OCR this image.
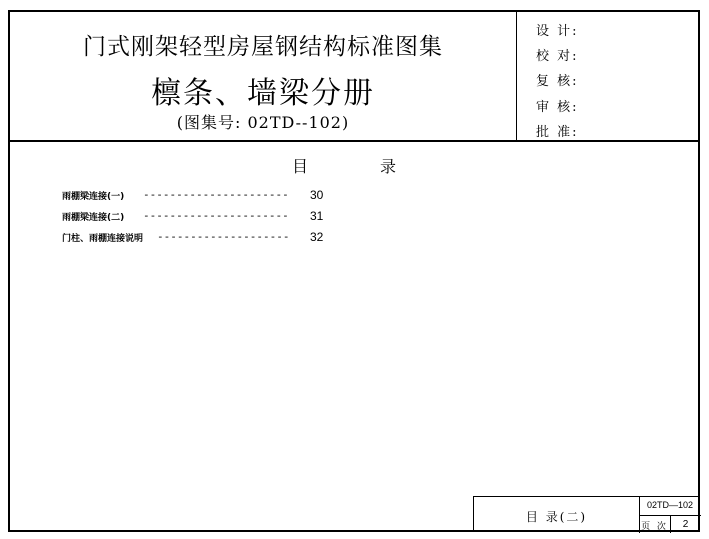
门式刚架轻型房屋钢结构标准图集
檩条、墙梁分册
(图集号: 02TD--102)
设 计:
校 对:
复 核:
审 核:
批 准:
目	录
雨棚梁连接(一) ---------------------- 30
雨棚梁连接(二) ---------------------- 31
门柱、雨棚连接说明 -------------------- 32
目 录(二)
02TD—102
页 次	2
